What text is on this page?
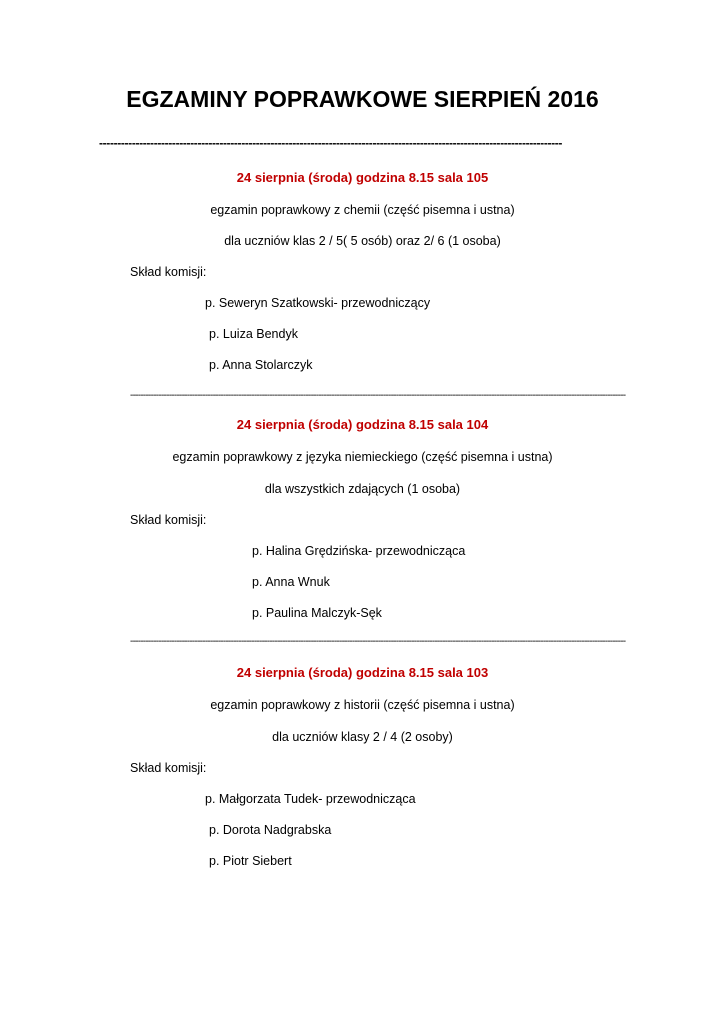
EGZAMINY POPRAWKOWE SIERPIEŃ 2016
-------------------------------------------------------------------------------------------------------------------------------
24 sierpnia (środa) godzina 8.15 sala 105
egzamin poprawkowy z chemii (część pisemna i ustna)
dla uczniów klas 2 / 5( 5 osób) oraz 2/ 6 (1 osoba)
Skład komisji:
p. Seweryn Szatkowski- przewodniczący
p. Luiza Bendyk
p. Anna Stolarczyk
------------------------------------------------------------------------------------------------------------------------------------------------------------------------------------------------
24 sierpnia (środa) godzina 8.15 sala 104
egzamin poprawkowy z języka niemieckiego (część pisemna i ustna)
dla wszystkich zdających (1 osoba)
Skład komisji:
p. Halina Grędzińska- przewodnicząca
p. Anna Wnuk
p. Paulina Malczyk-Sęk
------------------------------------------------------------------------------------------------------------------------------------------------------------------------------------------------
24 sierpnia (środa) godzina 8.15 sala 103
egzamin poprawkowy z historii (część pisemna i ustna)
dla uczniów klasy 2 / 4 (2 osoby)
Skład komisji:
p. Małgorzata Tudek- przewodnicząca
p. Dorota Nadgrabska
p. Piotr Siebert
